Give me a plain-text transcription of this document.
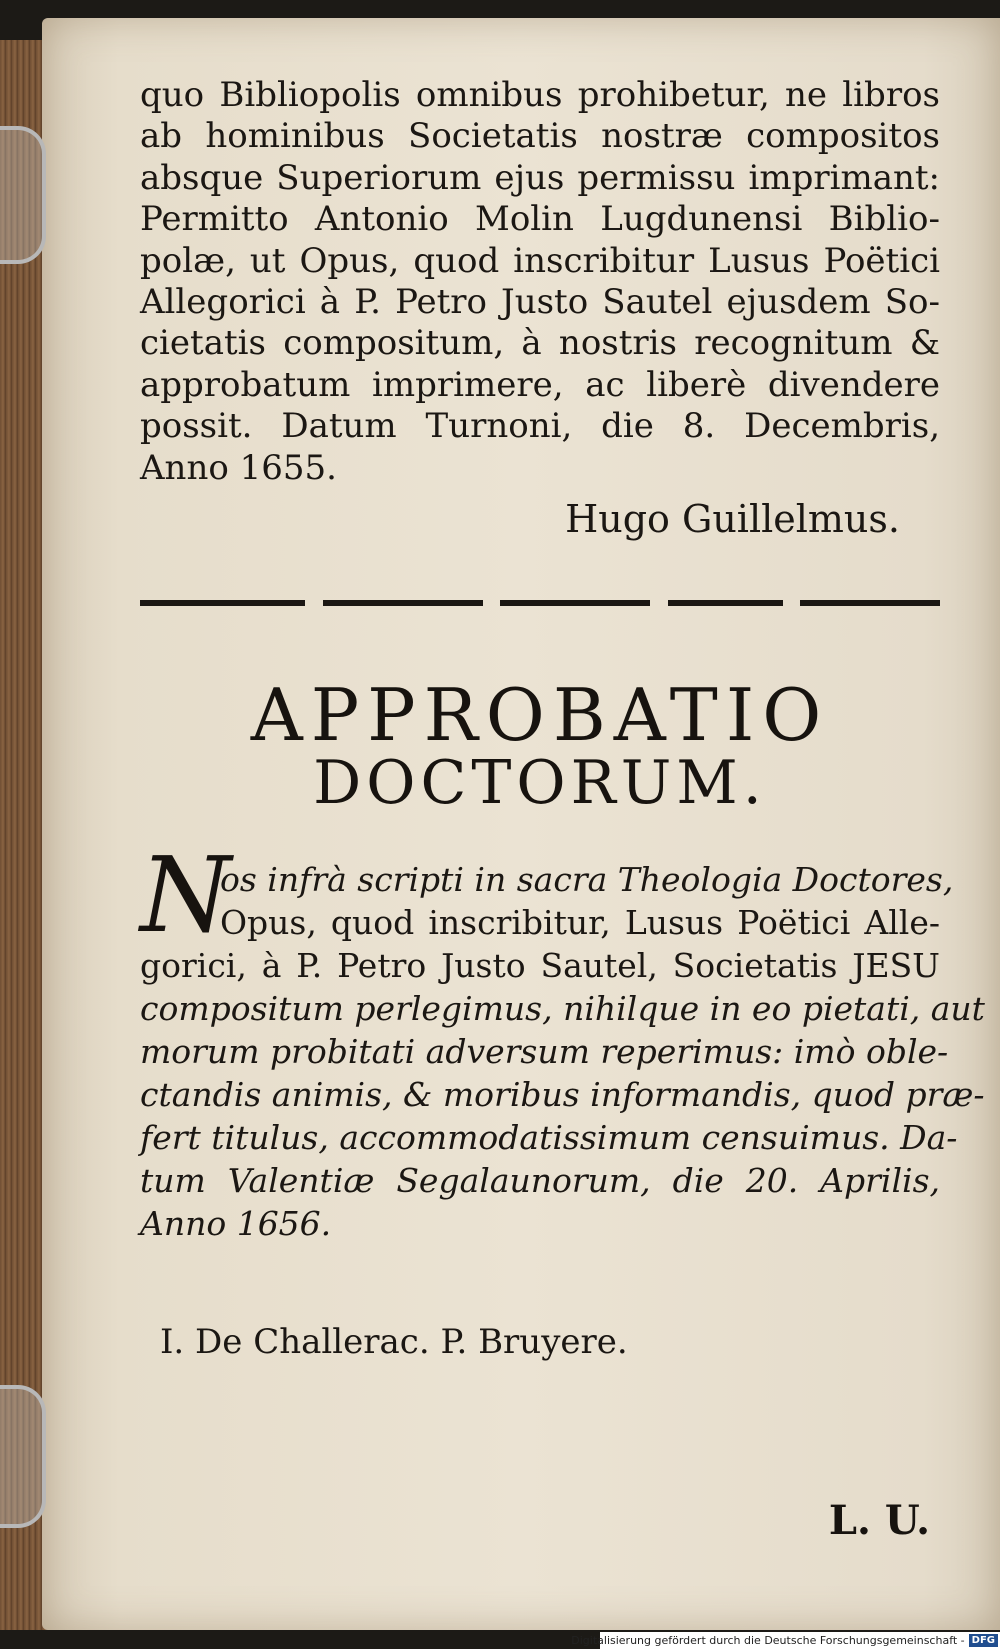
quo Bibliopolis omnibus prohibetur, ne libros
ab hominibus Societatis nostræ compositos
absque Superiorum ejus permissu imprimant:
Permitto Antonio Molin Lugdunensi Biblio-
polæ, ut Opus, quod inscribitur Lusus Poëtici
Allegorici à P. Petro Justo Sautel ejusdem So-
cietatis compositum, à nostris recognitum &
approbatum imprimere, ac liberè divendere
possit. Datum Turnoni, die 8. Decembris,
Anno 1655.
Hugo Guillelmus.
APPROBATIO
DOCTORUM.
N
os infrà scripti in sacra Theologia Doctores,
Opus, quod inscribitur, Lusus Poëtici Alle-
gorici, à P. Petro Justo Sautel, Societatis JESU
compositum perlegimus, nihilque in eo pietati, aut
morum probitati adversum reperimus: imò oble-
ctandis animis, & moribus informandis, quod præ-
fert titulus, accommodatissimum censuimus. Da-
tum Valentiæ Segalaunorum, die 20. Aprilis,
Anno 1656.
I. De Challerac. P. Bruyere.
L. U.
Digitalisierung gefördert durch die Deutsche Forschungsgemeinschaft - DFG
